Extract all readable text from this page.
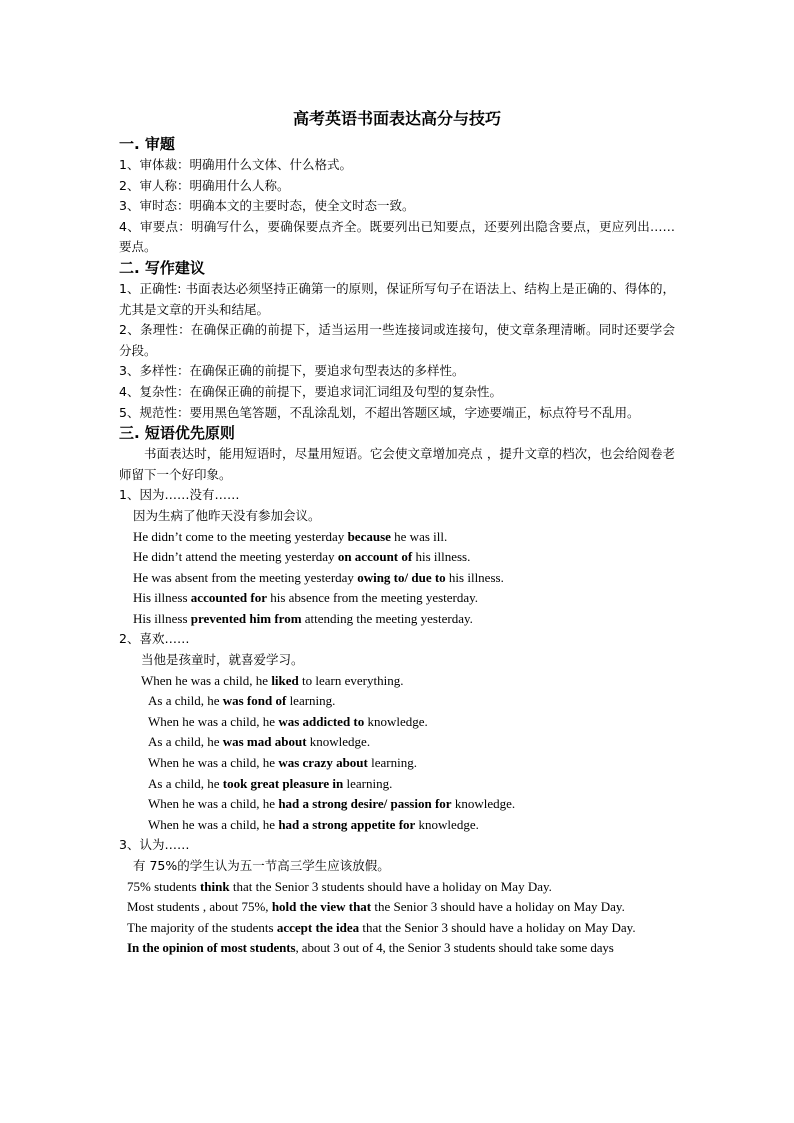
高考英语书面表达高分与技巧
一. 审题

1、审体裁：明确用什么文体、什么格式。

2、审人称：明确用什么人称。

3、审时态：明确本文的主要时态，使全文时态一致。

4、审要点：明确写什么，要确保要点齐全。既要列出已知要点，还要列出隐含要点，更应列出……要点。

二. 写作建议

1、正确性: 书面表达必须坚持正确第一的原则，保证所写句子在语法上、结构上是正确的、得体的，尤其是文章的开头和结尾。

2、条理性：在确保正确的前提下，适当运用一些连接词或连接句，使文章条理清晰。同时还要学会分段。

3、多样性：在确保正确的前提下，要追求句型表达的多样性。

4、复杂性：在确保正确的前提下，要追求词汇词组及句型的复杂性。

5、规范性：要用黑色笔答题，不乱涂乱划，不超出答题区域，字迹要端正，标点符号不乱用。

三. 短语优先原则

书面表达时，能用短语时，尽量用短语。它会使文章增加亮点 ，提升文章的档次，也会给阅卷老师留下一个好印象。

1、因为……没有……

因为生病了他昨天没有参加会议。

He didn’t come to the meeting yesterday because he was ill.

He didn’t attend the meeting yesterday on account of his illness.

He was absent from the meeting yesterday owing to/ due to his illness.

His illness accounted for his absence from the meeting yesterday.

His illness prevented him from attending the meeting yesterday.

2、喜欢……

当他是孩童时，就喜爱学习。

When he was a child, he liked to learn everything.

As a child, he was fond of learning.

When he was a child, he was addicted to knowledge.

As a child, he was mad about knowledge.

When he was a child, he was crazy about learning.

As a child, he took great pleasure in learning.

When he was a child, he had a strong desire/ passion for knowledge.

When he was a child, he had a strong appetite for knowledge.

3、认为……

有 75%的学生认为五一节高三学生应该放假。

75% students think that the Senior 3 students should have a holiday on May Day.

Most students , about 75%, hold the view that the Senior 3 should have a holiday on May Day.

The majority of the students accept the idea that the Senior 3 should have a holiday on May Day.

In the opinion of most students, about 3 out of 4, the Senior 3 students should take some days
